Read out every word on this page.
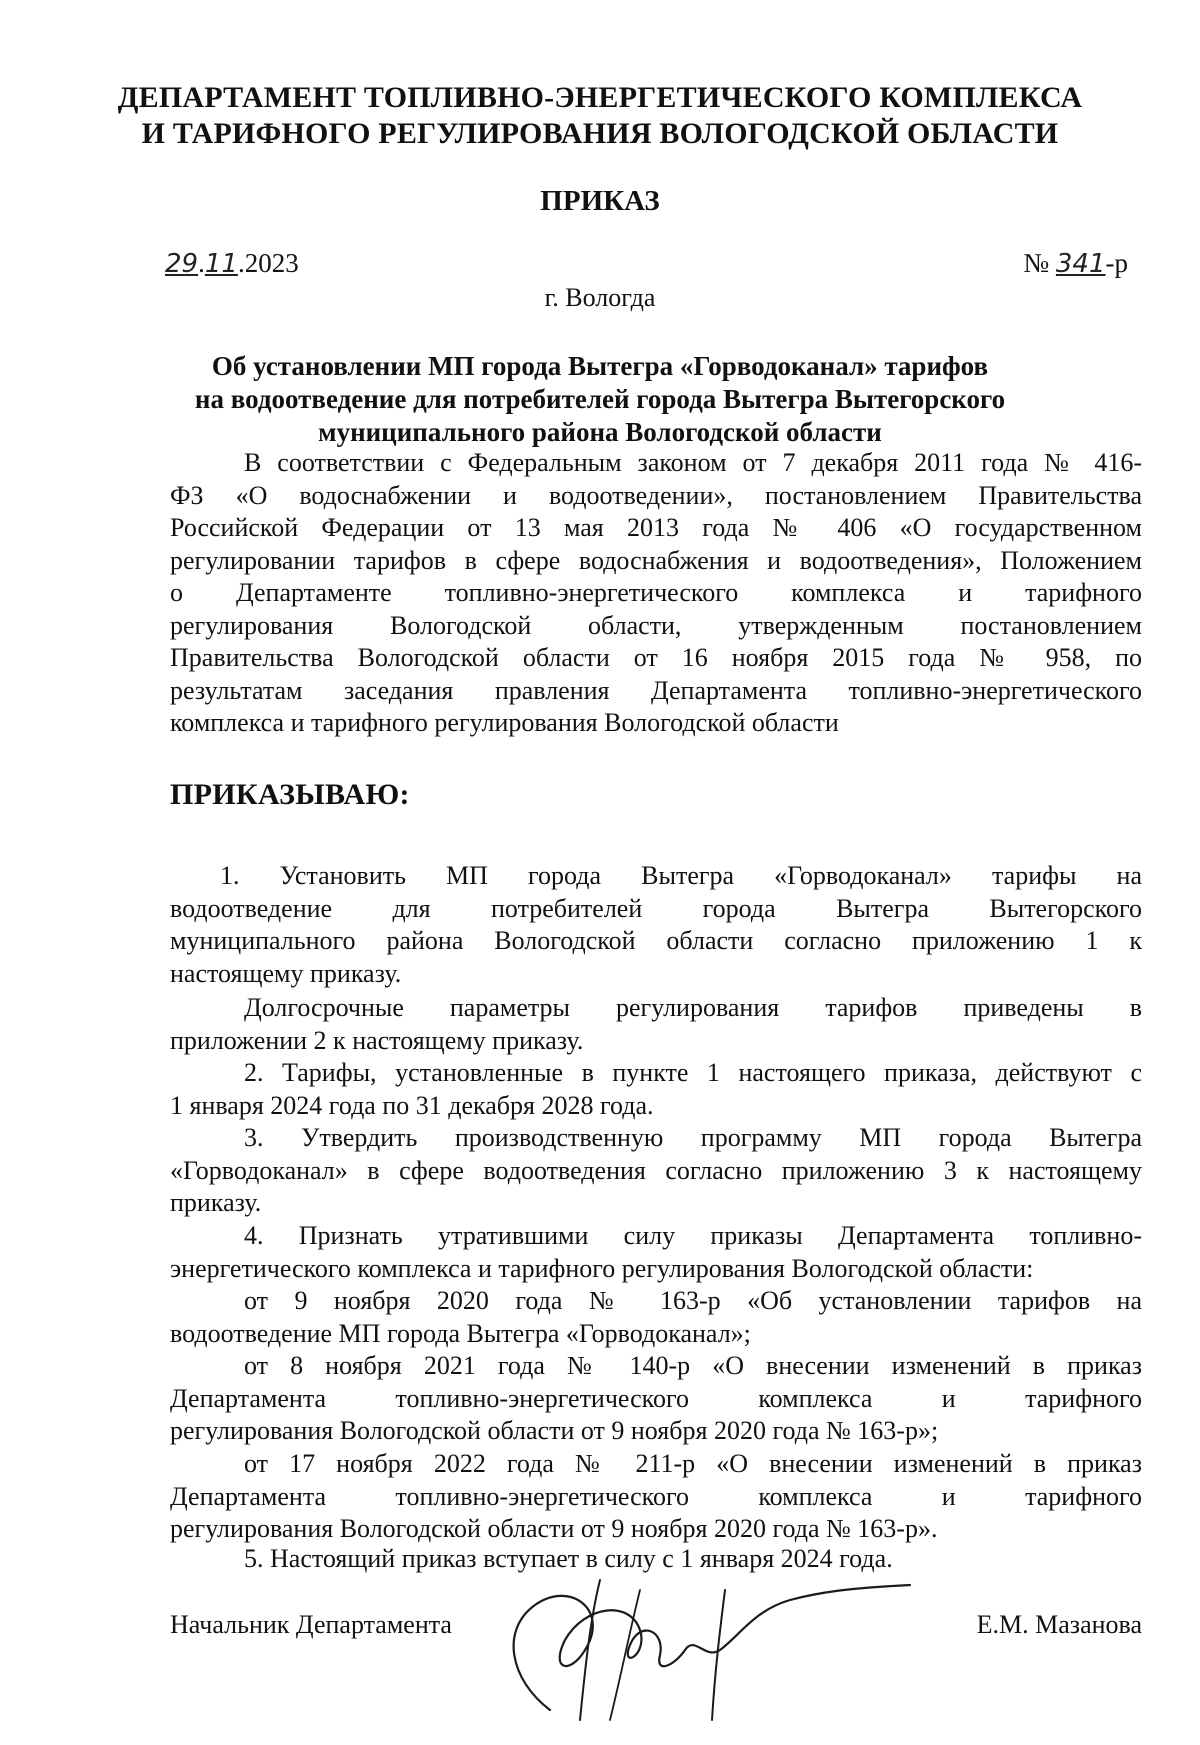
ДЕПАРТАМЕНТ ТОПЛИВНО-ЭНЕРГЕТИЧЕСКОГО КОМПЛЕКСА
И ТАРИФНОГО РЕГУЛИРОВАНИЯ ВОЛОГОДСКОЙ ОБЛАСТИ
ПРИКАЗ
29.11.2023	№ 341-р
г. Вологда
Об установлении МП города Вытегра «Горводоканал» тарифов
на водоотведение для потребителей города Вытегра Вытегорского
муниципального района Вологодской области

В соответствии с Федеральным законом от 7 декабря 2011 года № 416-

ФЗ «О водоснабжении и водоотведении», постановлением Правительства

Российской Федерации от 13 мая 2013 года № 406 «О государственном

регулировании тарифов в сфере водоснабжения и водоотведения», Положением

о Департаменте топливно-энергетического комплекса и тарифного

регулирования Вологодской области, утвержденным постановлением

Правительства Вологодской области от 16 ноября 2015 года № 958, по

результатам заседания правления Департамента топливно-энергетического

комплекса и тарифного регулирования Вологодской области

ПРИКАЗЫВАЮ:

1. Установить МП города Вытегра «Горводоканал» тарифы на

водоотведение для потребителей города Вытегра Вытегорского

муниципального района Вологодской области согласно приложению 1 к

настоящему приказу.

Долгосрочные параметры регулирования тарифов приведены в

приложении 2 к настоящему приказу.

2. Тарифы, установленные в пункте 1 настоящего приказа, действуют с

1 января 2024 года по 31 декабря 2028 года.

3. Утвердить производственную программу МП города Вытегра

«Горводоканал» в сфере водоотведения согласно приложению 3 к настоящему

приказу.

4. Признать утратившими силу приказы Департамента топливно-

энергетического комплекса и тарифного регулирования Вологодской области:

от 9 ноября 2020 года № 163-р «Об установлении тарифов на

водоотведение МП города Вытегра «Горводоканал»;

от 8 ноября 2021 года № 140-р «О внесении изменений в приказ

Департамента топливно-энергетического комплекса и тарифного

регулирования Вологодской области от 9 ноября 2020 года № 163-р»;

от 17 ноября 2022 года № 211-р «О внесении изменений в приказ

Департамента топливно-энергетического комплекса и тарифного

регулирования Вологодской области от 9 ноября 2020 года № 163-р».

5. Настоящий приказ вступает в силу с 1 января 2024 года.

Начальник Департамента	Е.М. Мазанова
